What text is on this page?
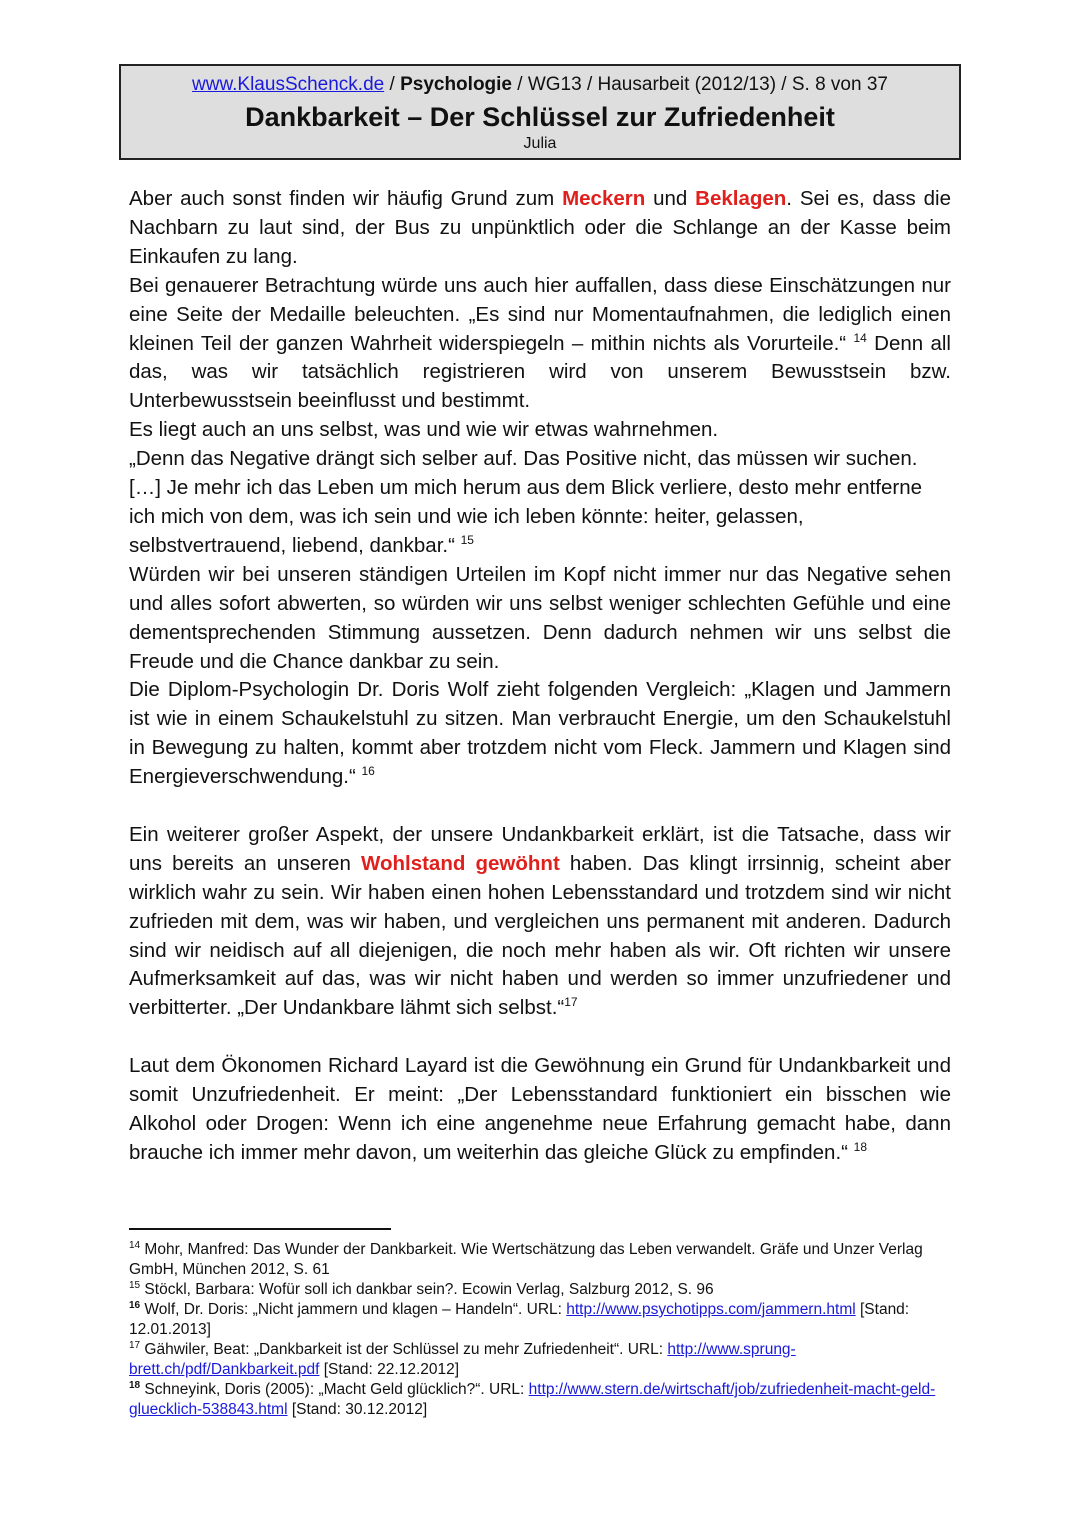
www.KlausSchenck.de / Psychologie / WG13 / Hausarbeit (2012/13) / S. 8 von 37
Dankbarkeit – Der Schlüssel zur Zufriedenheit
Julia

Aber auch sonst finden wir häufig Grund zum Meckern und Beklagen. Sei es, dass die Nachbarn zu laut sind, der Bus zu unpünktlich oder die Schlange an der Kasse beim Einkaufen zu lang.

Bei genauerer Betrachtung würde uns auch hier auffallen, dass diese Einschätzungen nur eine Seite der Medaille beleuchten. „Es sind nur Momentaufnahmen, die lediglich einen kleinen Teil der ganzen Wahrheit widerspiegeln – mithin nichts als Vorurteile.“ $^{14}$ Denn all das, was wir tatsächlich registrieren wird von unserem Bewusstsein bzw. Unterbewusstsein beeinflusst und bestimmt.

Es liegt auch an uns selbst, was und wie wir etwas wahrnehmen.

„Denn das Negative drängt sich selber auf. Das Positive nicht, das müssen wir suchen. […] Je mehr ich das Leben um mich herum aus dem Blick verliere, desto mehr entferne ich mich von dem, was ich sein und wie ich leben könnte: heiter, gelassen, selbstvertrauend, liebend, dankbar.“ $^{15}$

Würden wir bei unseren ständigen Urteilen im Kopf nicht immer nur das Negative sehen und alles sofort abwerten, so würden wir uns selbst weniger schlechten Gefühle und eine dementsprechenden Stimmung aussetzen. Denn dadurch nehmen wir uns selbst die Freude und die Chance dankbar zu sein.

Die Diplom-Psychologin Dr. Doris Wolf zieht folgenden Vergleich: „Klagen und Jammern ist wie in einem Schaukelstuhl zu sitzen. Man verbraucht Energie, um den Schaukelstuhl in Bewegung zu halten, kommt aber trotzdem nicht vom Fleck. Jammern und Klagen sind Energieverschwendung.“ $^{16}$

Ein weiterer großer Aspekt, der unsere Undankbarkeit erklärt, ist die Tatsache, dass wir uns bereits an unseren Wohlstand gewöhnt haben. Das klingt irrsinnig, scheint aber wirklich wahr zu sein. Wir haben einen hohen Lebensstandard und trotzdem sind wir nicht zufrieden mit dem, was wir haben, und vergleichen uns permanent mit anderen. Dadurch sind wir neidisch auf all diejenigen, die noch mehr haben als wir. Oft richten wir unsere Aufmerksamkeit auf das, was wir nicht haben und werden so immer unzufriedener und verbitterter. „Der Undankbare lähmt sich selbst.“$^{17}$

Laut dem Ökonomen Richard Layard ist die Gewöhnung ein Grund für Undankbarkeit und somit Unzufriedenheit. Er meint: „Der Lebensstandard funktioniert ein bisschen wie Alkohol oder Drogen: Wenn ich eine angenehme neue Erfahrung gemacht habe, dann brauche ich immer mehr davon, um weiterhin das gleiche Glück zu empfinden.“ $^{18}$

$^{14}$ Mohr, Manfred: Das Wunder der Dankbarkeit. Wie Wertschätzung das Leben verwandelt. Gräfe und Unzer Verlag GmbH, München 2012, S. 61

$^{15}$ Stöckl, Barbara: Wofür soll ich dankbar sein?. Ecowin Verlag, Salzburg 2012, S. 96

$^{16}$ Wolf, Dr. Doris: „Nicht jammern und klagen – Handeln“. URL: http://www.psychotipps.com/jammern.html [Stand: 12.01.2013]

$^{17}$ Gähwiler, Beat: „Dankbarkeit ist der Schlüssel zu mehr Zufriedenheit“. URL: http://www.sprung-brett.ch/pdf/Dankbarkeit.pdf [Stand: 22.12.2012]

$^{18}$ Schneyink, Doris (2005): „Macht Geld glücklich?“. URL: http://www.stern.de/wirtschaft/job/zufriedenheit-macht-geld-gluecklich-538843.html [Stand: 30.12.2012]
